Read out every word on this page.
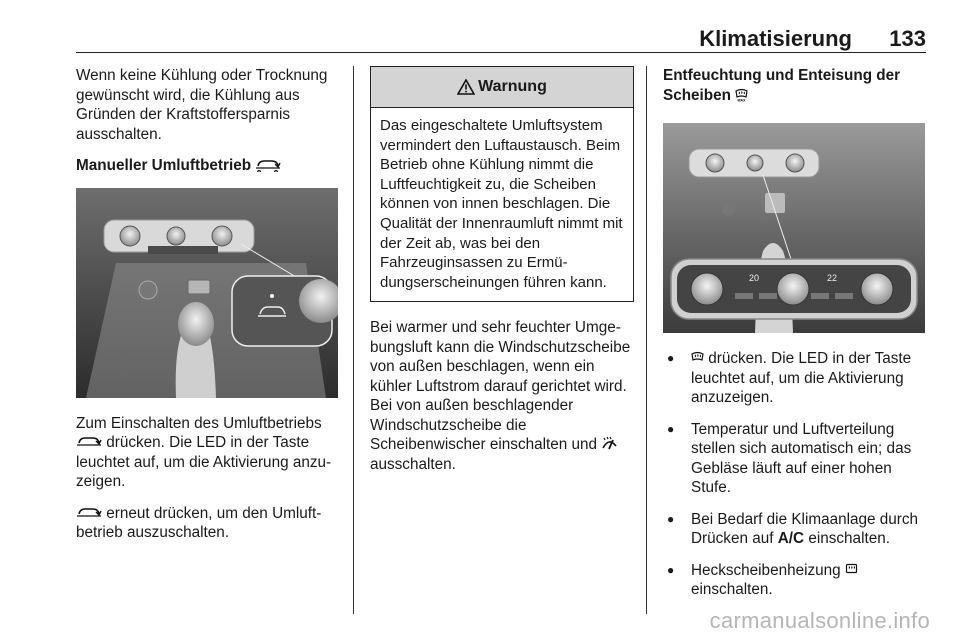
Klimatisierung 133

Wenn keine Kühlung oder Trocknung gewünscht wird, die Kühlung aus Gründen der Kraftstoffersparnis ausschalten.

Manueller Umluftbetrieb

Zum Einschalten des Umluftbetriebs
drücken. Die LED in der Taste leuchtet auf, um die Aktivierung anzuzeigen.

erneut drücken, um den Umluftbetrieb auszuschalten.

Warnung
Das eingeschaltete Umluftsystem vermindert den Luftaustausch. Beim Betrieb ohne Kühlung nimmt die Luftfeuchtigkeit zu, die Scheiben können von innen beschlagen. Die Qualität der Innenraumluft nimmt mit der Zeit ab, was bei den Fahrzeuginsassen zu Ermüdungserscheinungen führen kann.

Bei warmer und sehr feuchter Umgebungsluft kann die Windschutzscheibe von außen beschlagen, wenn ein kühler Luftstrom darauf gerichtet wird. Bei von außen beschlagender Windschutzscheibe die Scheibenwischer einschalten und  ausschalten.

Entfeuchtung und Enteisung der Scheiben MAX

20	22
● drücken. Die LED in der Taste leuchtet auf, um die Aktivierung anzuzeigen.
● Temperatur und Luftverteilung stellen sich automatisch ein; das Gebläse läuft auf einer hohen Stufe.
● Bei Bedarf die Klimaanlage durch Drücken auf A/C einschalten.
● Heckscheibenheizung
einschalten.
carmanualsonline.info
